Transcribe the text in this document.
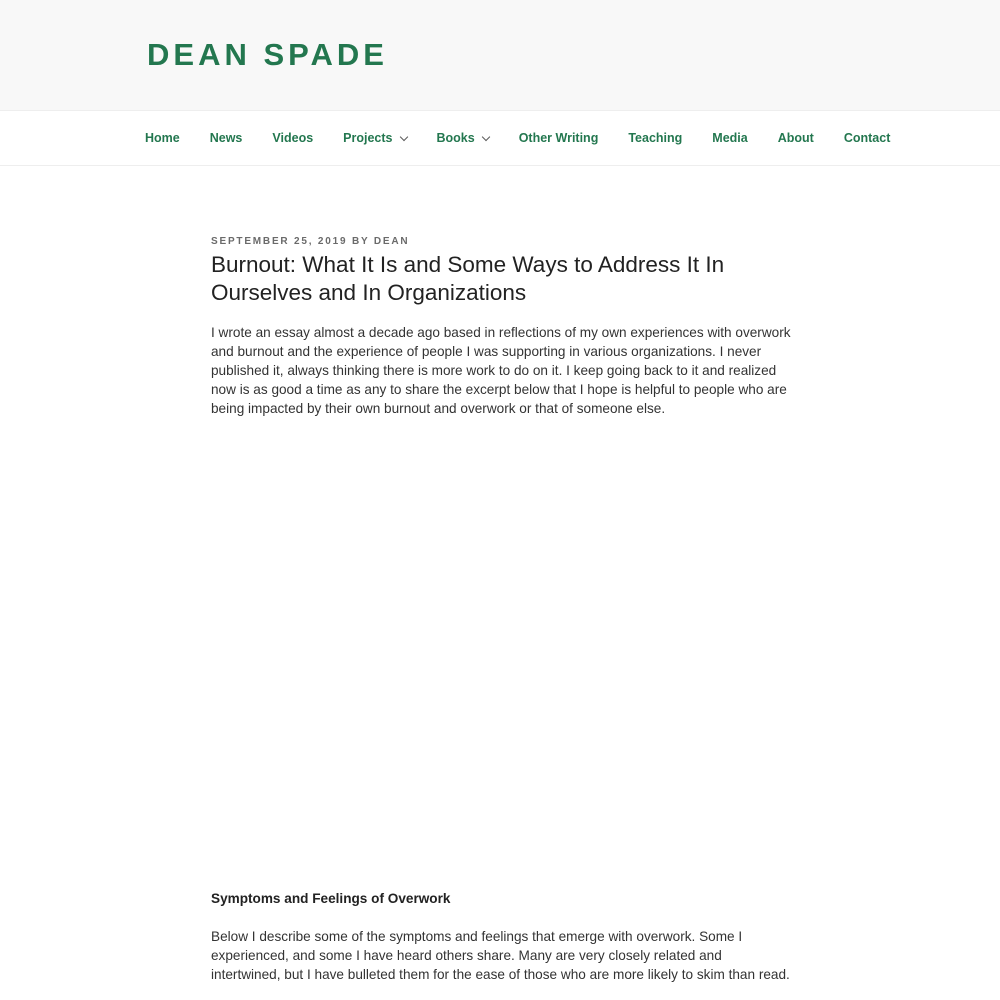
DEAN SPADE
Home News Videos Projects	Books	Other Writing Teaching Media About Contact
SEPTEMBER 25, 2019 BY DEAN
Burnout: What It Is and Some Ways to Address It In Ourselves and In Organizations

I wrote an essay almost a decade ago based in reflections of my own experiences with overwork and burnout and the experience of people I was supporting in various organizations. I never published it, always thinking there is more work to do on it. I keep going back to it and realized now is as good a time as any to share the excerpt below that I hope is helpful to people who are being impacted by their own burnout and overwork or that of someone else.

Symptoms and Feelings of Overwork

Below I describe some of the symptoms and feelings that emerge with overwork. Some I experienced, and some I have heard others share. Many are very closely related and intertwined, but I have bulleted them for the ease of those who are more likely to skim than read.
